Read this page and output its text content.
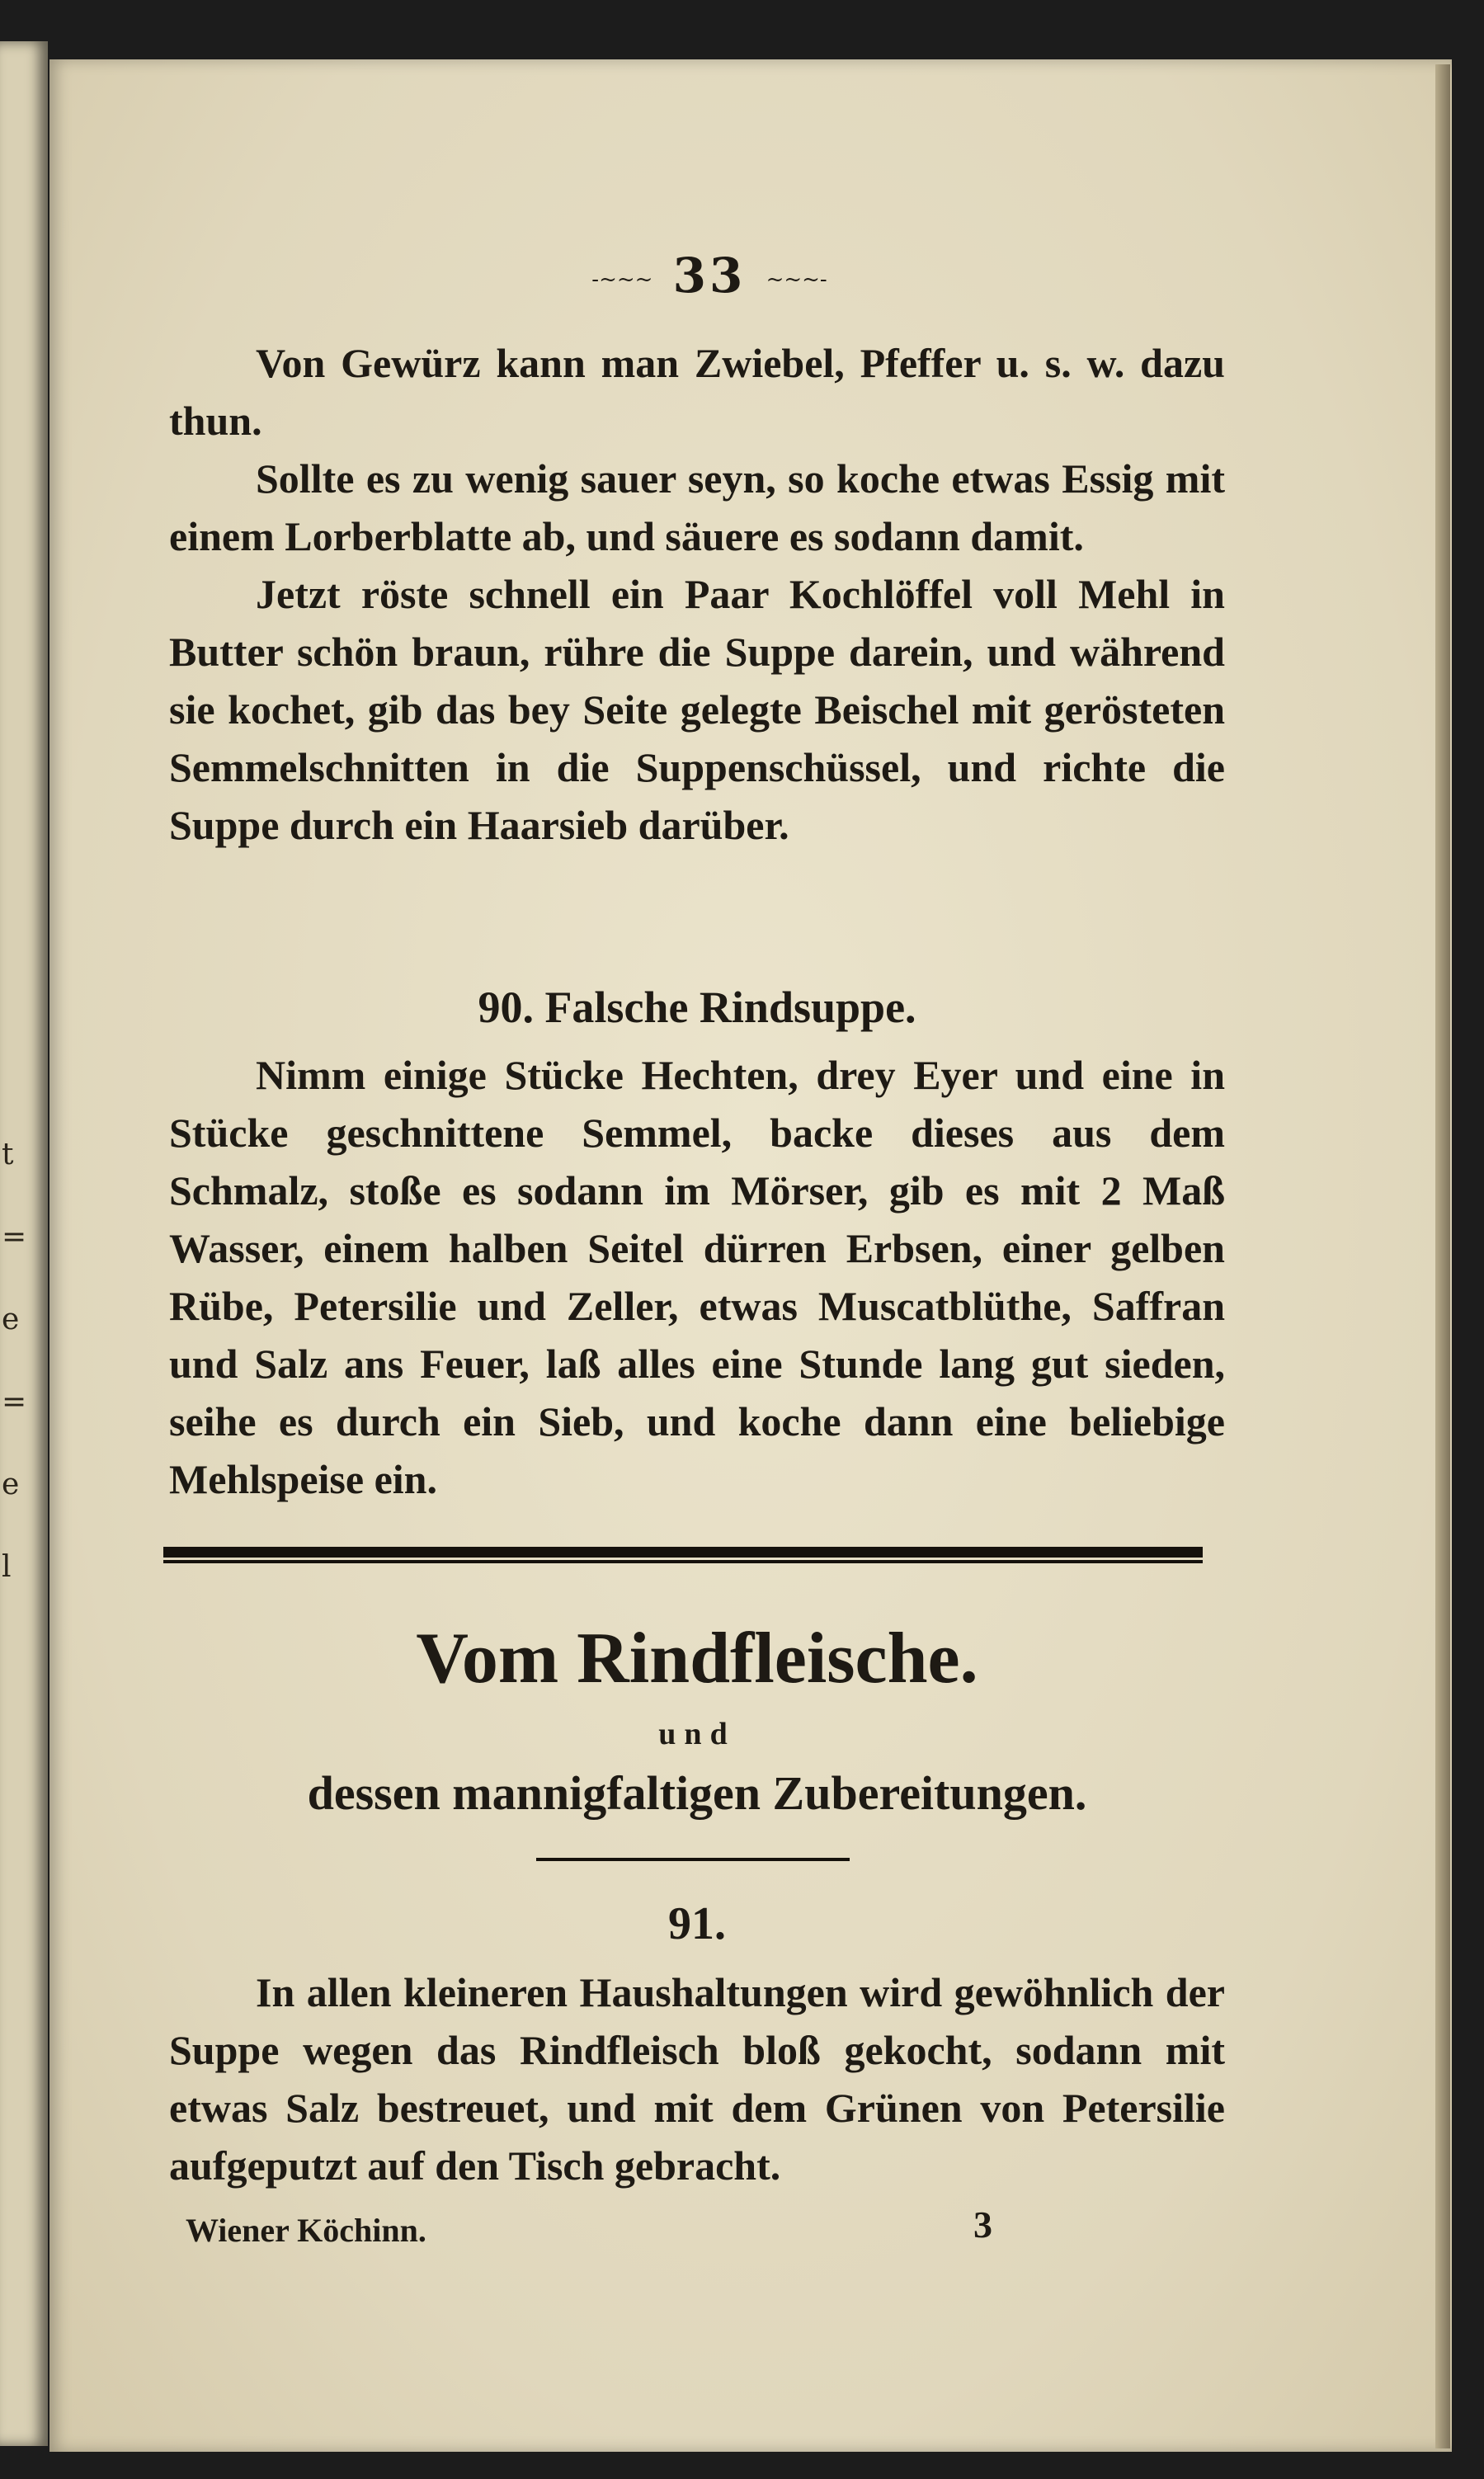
t
=
e
=
e
l
-~~~ 33 ~~~-

Von Gewürz kann man Zwiebel, Pfeffer u. s. w. dazu thun.

Sollte es zu wenig sauer seyn, so koche etwas Essig mit einem Lorberblatte ab, und säuere es sodann damit.

Jetzt röste schnell ein Paar Kochlöffel voll Mehl in Butter schön braun, rühre die Suppe darein, und während sie kochet, gib das bey Seite gelegte Beischel mit gerösteten Semmelschnitten in die Suppenschüssel, und richte die Suppe durch ein Haarsieb darüber.

90. Falsche Rindsuppe.

Nimm einige Stücke Hechten, drey Eyer und eine in Stücke geschnittene Semmel, backe dieses aus dem Schmalz, stoße es sodann im Mörser, gib es mit 2 Maß Wasser, einem halben Seitel dürren Erbsen, einer gelben Rübe, Petersilie und Zeller, etwas Muscatblüthe, Saffran und Salz ans Feuer, laß alles eine Stunde lang gut sieden, seihe es durch ein Sieb, und koche dann eine beliebige Mehlspeise ein.

Vom Rindfleische.
und
dessen mannigfaltigen Zubereitungen.
91.

In allen kleineren Haushaltungen wird gewöhnlich der Suppe wegen das Rindfleisch bloß gekocht, sodann mit etwas Salz bestreuet, und mit dem Grünen von Petersilie aufgeputzt auf den Tisch gebracht.

Wiener Köchinn.	3
